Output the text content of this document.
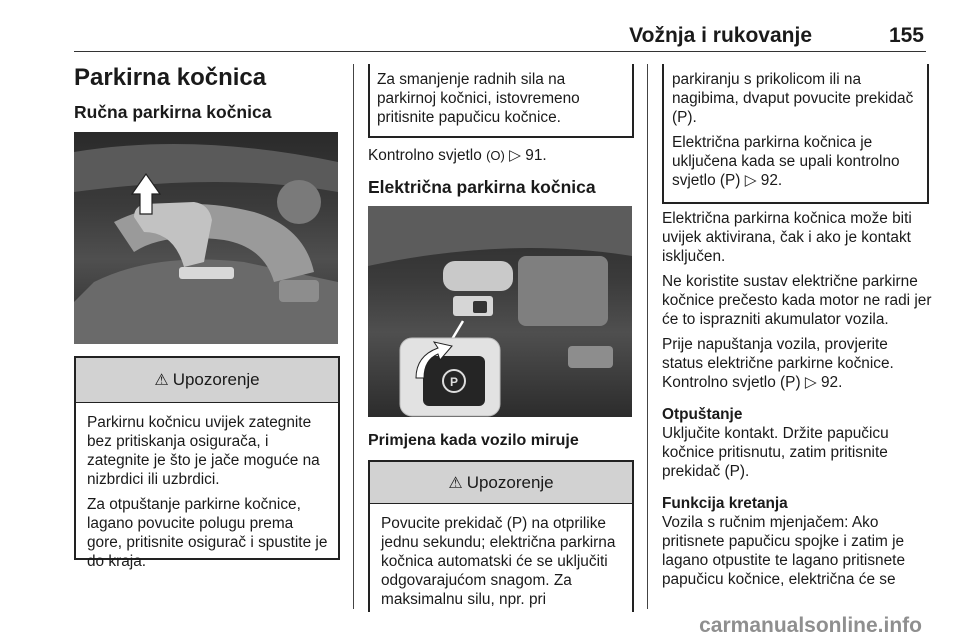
Vožnja i rukovanje	155
Parkirna kočnica
Ručna parkirna kočnica
⚠ Upozorenje

Parkirnu kočnicu uvijek zategnite bez pritiskanja osigurača, i zategnite je što je jače moguće na nizbrdici ili uzbrdici.

Za otpuštanje parkirne kočnice, lagano povucite polugu prema gore, pritisnite osigurač i spustite je do kraja.

Za smanjenje radnih sila na parkirnoj kočnici, istovremeno pritisnite papučicu kočnice.

Kontrolno svjetlo (O) ▷ 91.
Električna parkirna kočnica
P
Primjena kada vozilo miruje
⚠ Upozorenje

Povucite prekidač (P) na otprilike jednu sekundu; električna parkirna kočnica automatski će se uključiti odgovarajućom snagom. Za maksimalnu silu, npr. pri

parkiranju s prikolicom ili na nagibima, dvaput povucite prekidač (P).

Električna parkirna kočnica je uključena kada se upali kontrolno svjetlo (P) ▷ 92.

Električna parkirna kočnica može biti uvijek aktivirana, čak i ako je kontakt isključen.

Ne koristite sustav električne parkirne kočnice prečesto kada motor ne radi jer će to isprazniti akumulator vozila.

Prije napuštanja vozila, provjerite status električne parkirne kočnice. Kontrolno svjetlo (P) ▷ 92.

Otpuštanje

Uključite kontakt. Držite papučicu kočnice pritisnutu, zatim pritisnite prekidač (P).

Funkcija kretanja

Vozila s ručnim mjenjačem: Ako pritisnete papučicu spojke i zatim je lagano otpustite te lagano pritisnete papučicu kočnice, električna će se

carmanualsonline.info
